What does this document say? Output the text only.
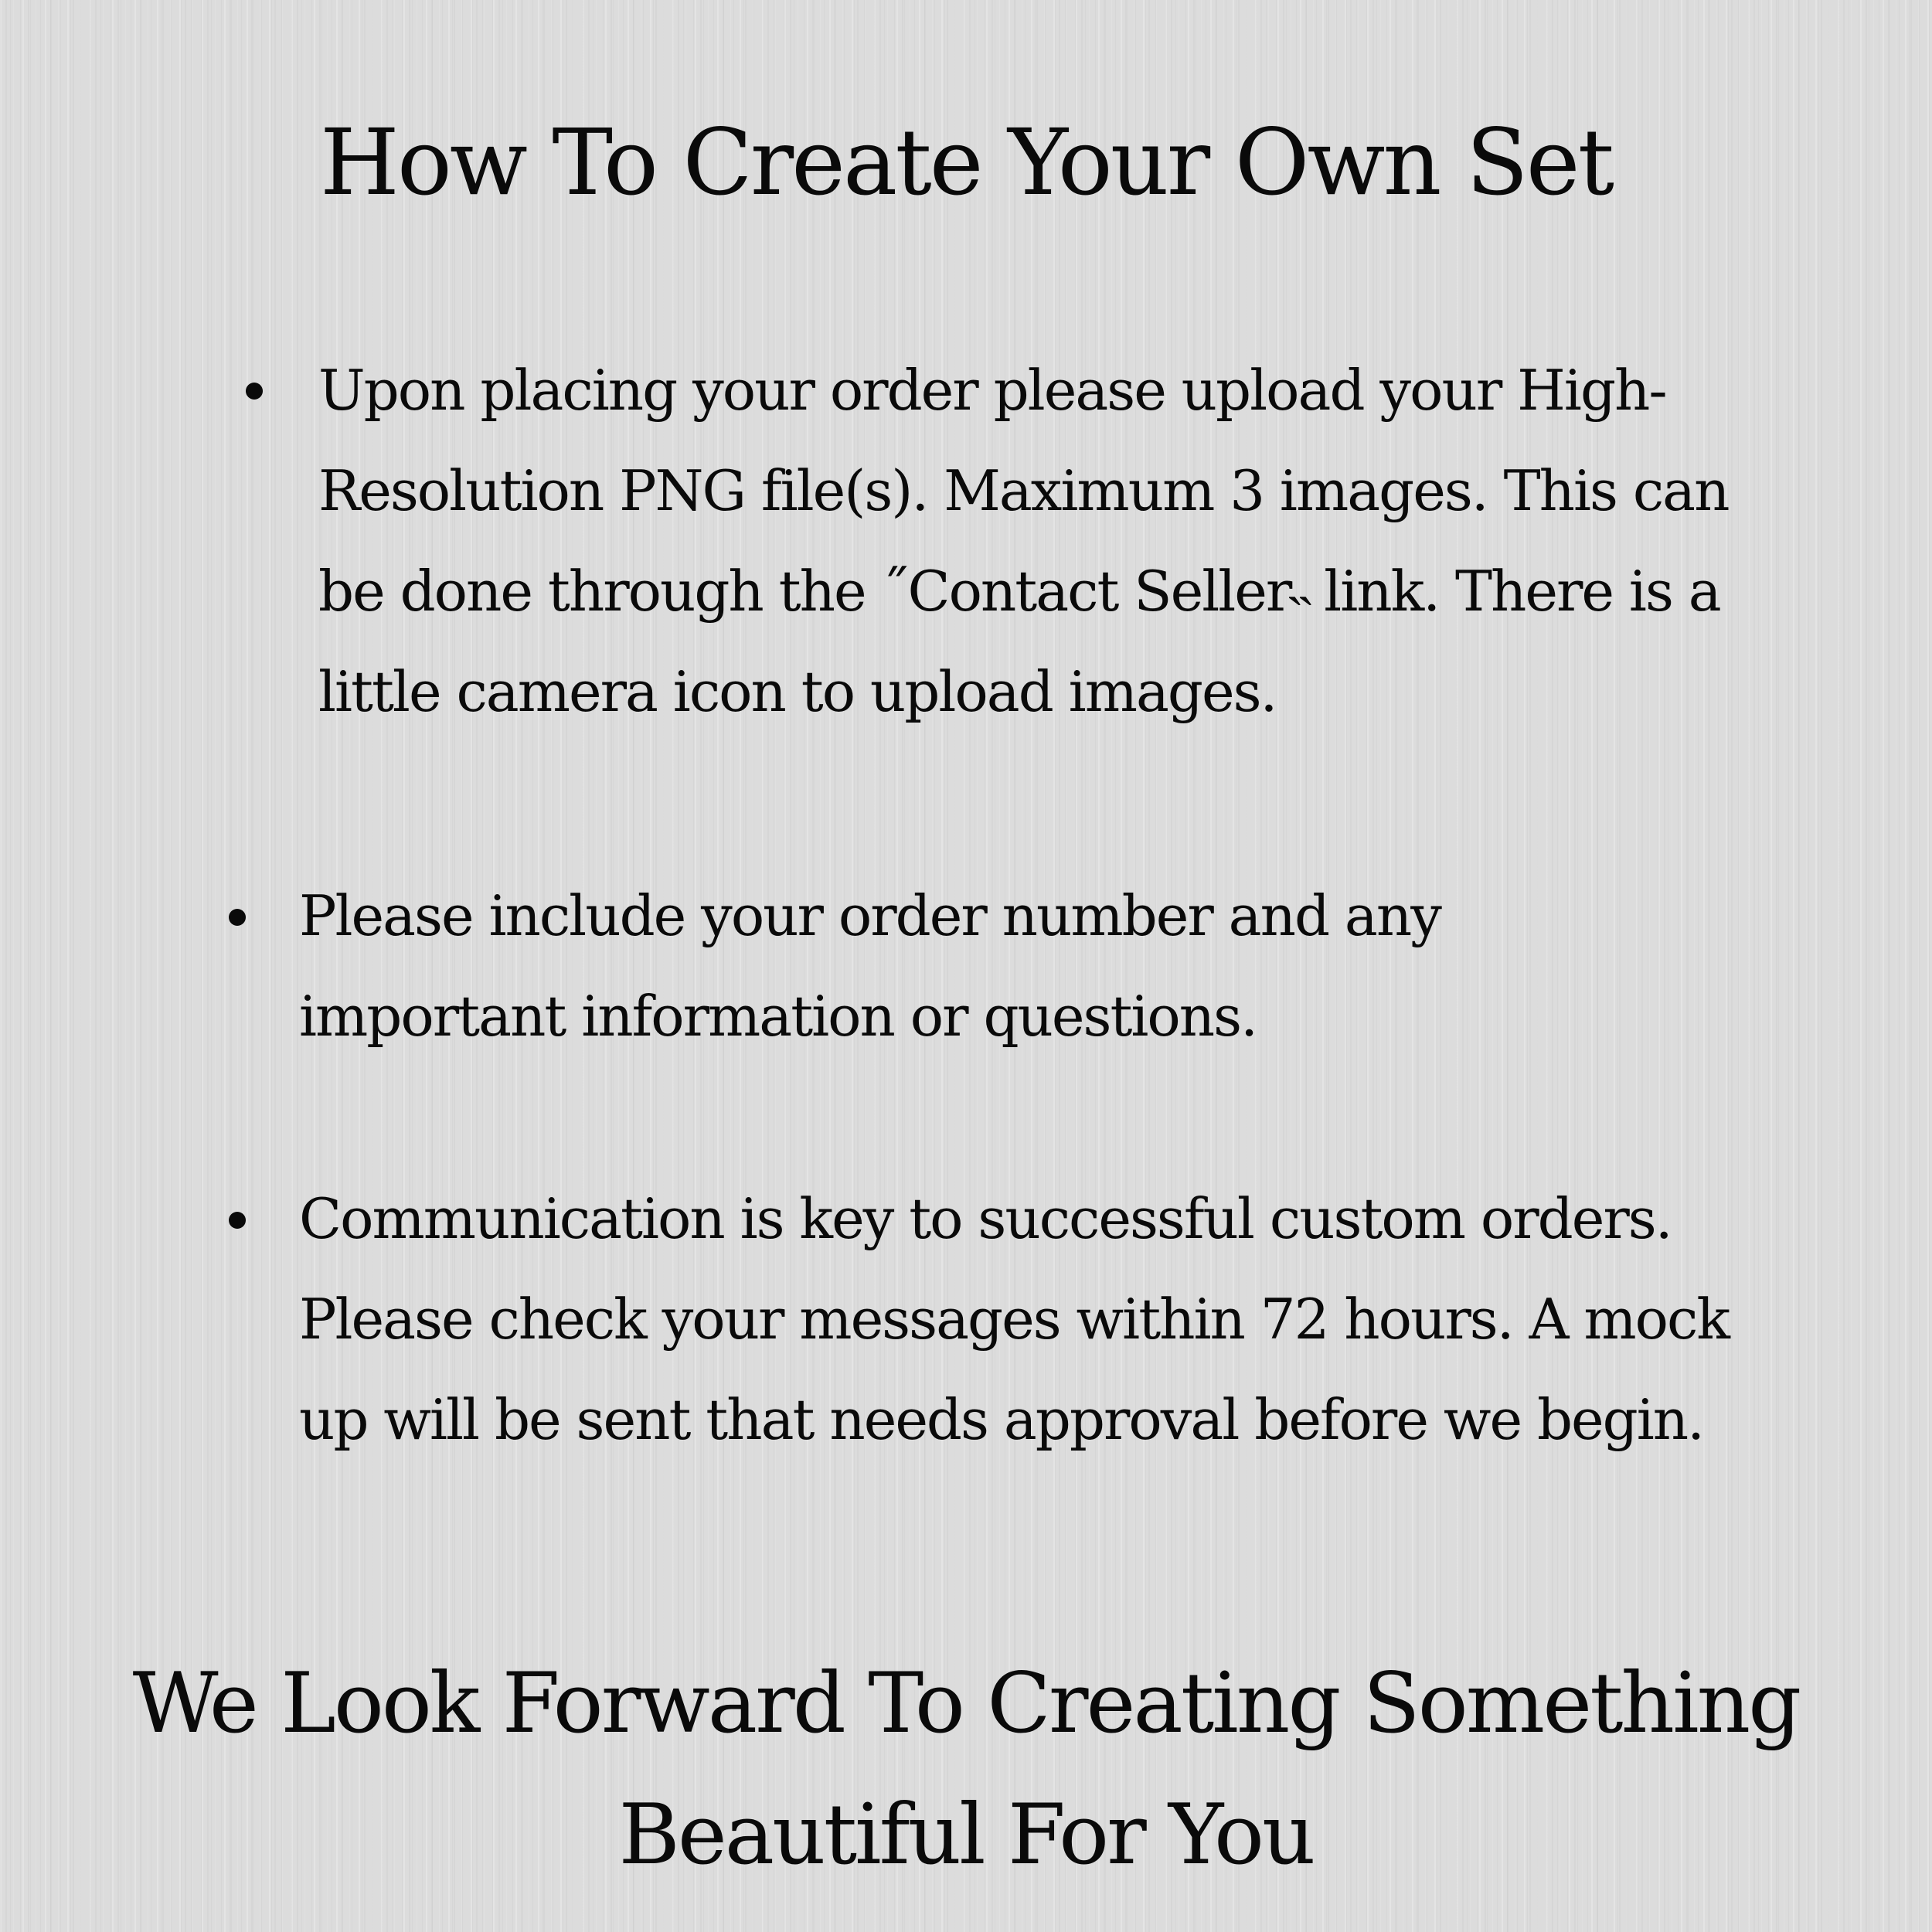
How To Create Your Own Set

Upon placing your order please upload your High-Resolution PNG file(s). Maximum 3 images. This can be done through the ˝Contact Seller˵ link. There is a little camera icon to upload images.

Please include your order number and any important information or questions.

Communication is key to successful custom orders. Please check your messages within 72 hours. A mock up will be sent that needs approval before we begin.

We Look Forward To Creating Something
Beautiful For You
